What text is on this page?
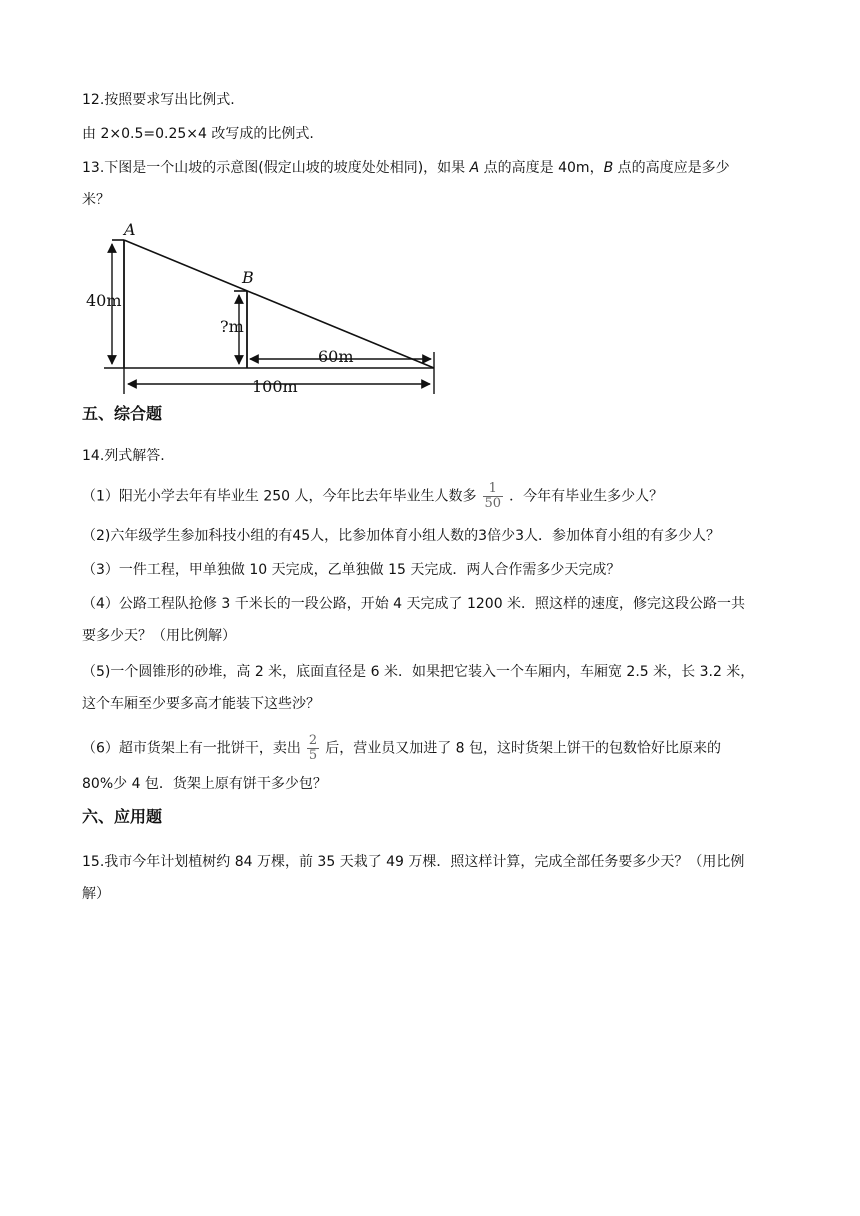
12.按照要求写出比例式.
由 2×0.5=0.25×4 改写成的比例式.
13.下图是一个山坡的示意图(假定山坡的坡度处处相同)，如果 A 点的高度是 40m，B 点的高度应是多少
米？
A
B
40m
?m
60m
100m
五、综合题
14.列式解答.
（1）阳光小学去年有毕业生 250 人，今年比去年毕业生人数多 $\frac{1}{50}$ ．今年有毕业生多少人？
（2)六年级学生参加科技小组的有45人，比参加体育小组人数的3倍少3人．参加体育小组的有多少人？
（3）一件工程，甲单独做 10 天完成，乙单独做 15 天完成．两人合作需多少天完成？
（4）公路工程队抢修 3 千米长的一段公路，开始 4 天完成了 1200 米．照这样的速度，修完这段公路一共
要多少天？（用比例解）
（5)一个圆锥形的砂堆，高 2 米，底面直径是 6 米．如果把它装入一个车厢内，车厢宽 2.5 米，长 3.2 米，
这个车厢至少要多高才能装下这些沙？
（6）超市货架上有一批饼干，卖出 $\frac{2}{5}$ 后，营业员又加进了 8 包，这时货架上饼干的包数恰好比原来的
80%少 4 包．货架上原有饼干多少包？
六、应用题
15.我市今年计划植树约 84 万棵，前 35 天栽了 49 万棵．照这样计算，完成全部任务要多少天？（用比例
解）
